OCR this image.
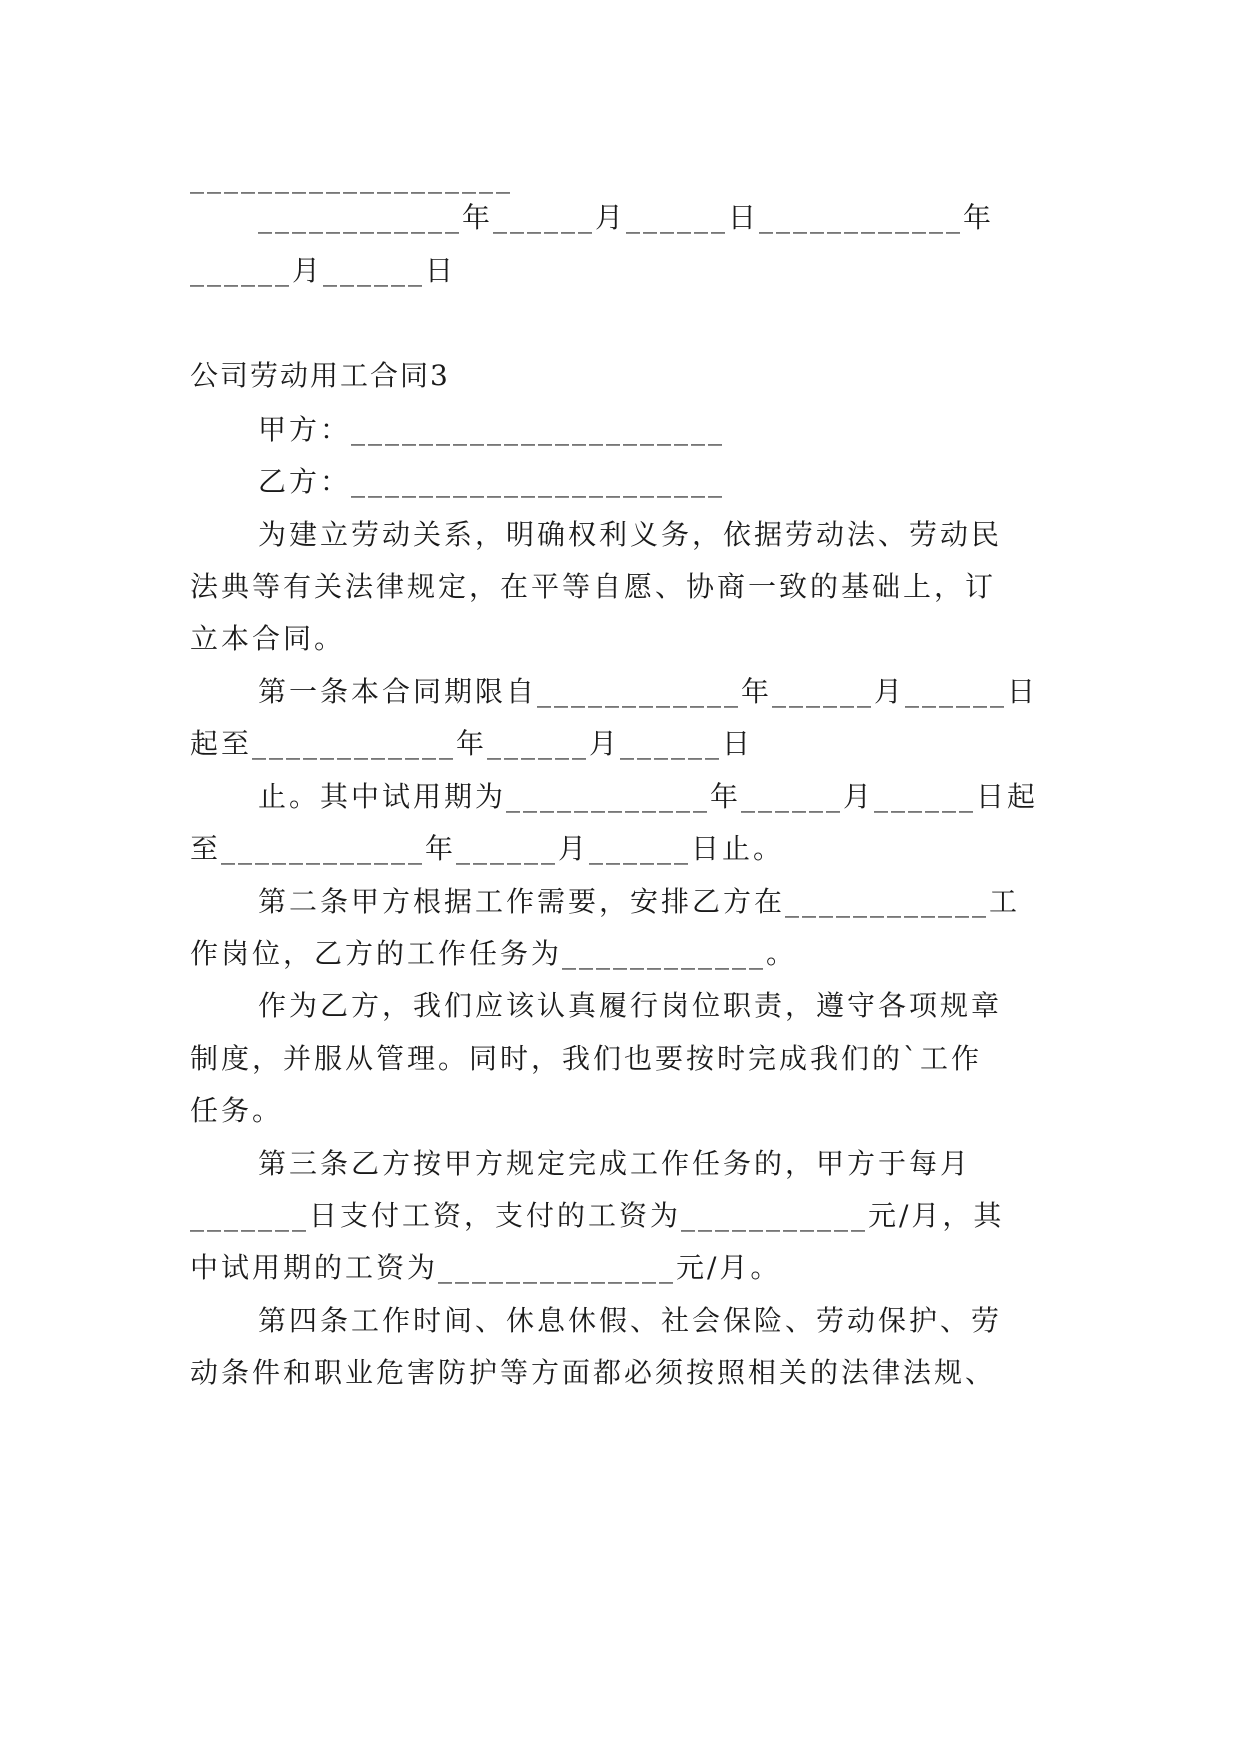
___________________
____________年______月______日____________年
______月______日
公司劳动用工合同3
甲方：______________________
乙方：______________________
为建立劳动关系，明确权利义务，依据劳动法、劳动民
法典等有关法律规定，在平等自愿、协商一致的基础上，订
立本合同。
第一条本合同期限自____________年______月______日
起至____________年______月______日
止。其中试用期为____________年______月______日起
至____________年______月______日止。
第二条甲方根据工作需要，安排乙方在____________工
作岗位，乙方的工作任务为____________。
作为乙方，我们应该认真履行岗位职责，遵守各项规章
制度，并服从管理。同时，我们也要按时完成我们的`工作
任务。
第三条乙方按甲方规定完成工作任务的，甲方于每月
_______日支付工资，支付的工资为___________元/月，其
中试用期的工资为______________元/月。
第四条工作时间、休息休假、社会保险、劳动保护、劳
动条件和职业危害防护等方面都必须按照相关的法律法规、
